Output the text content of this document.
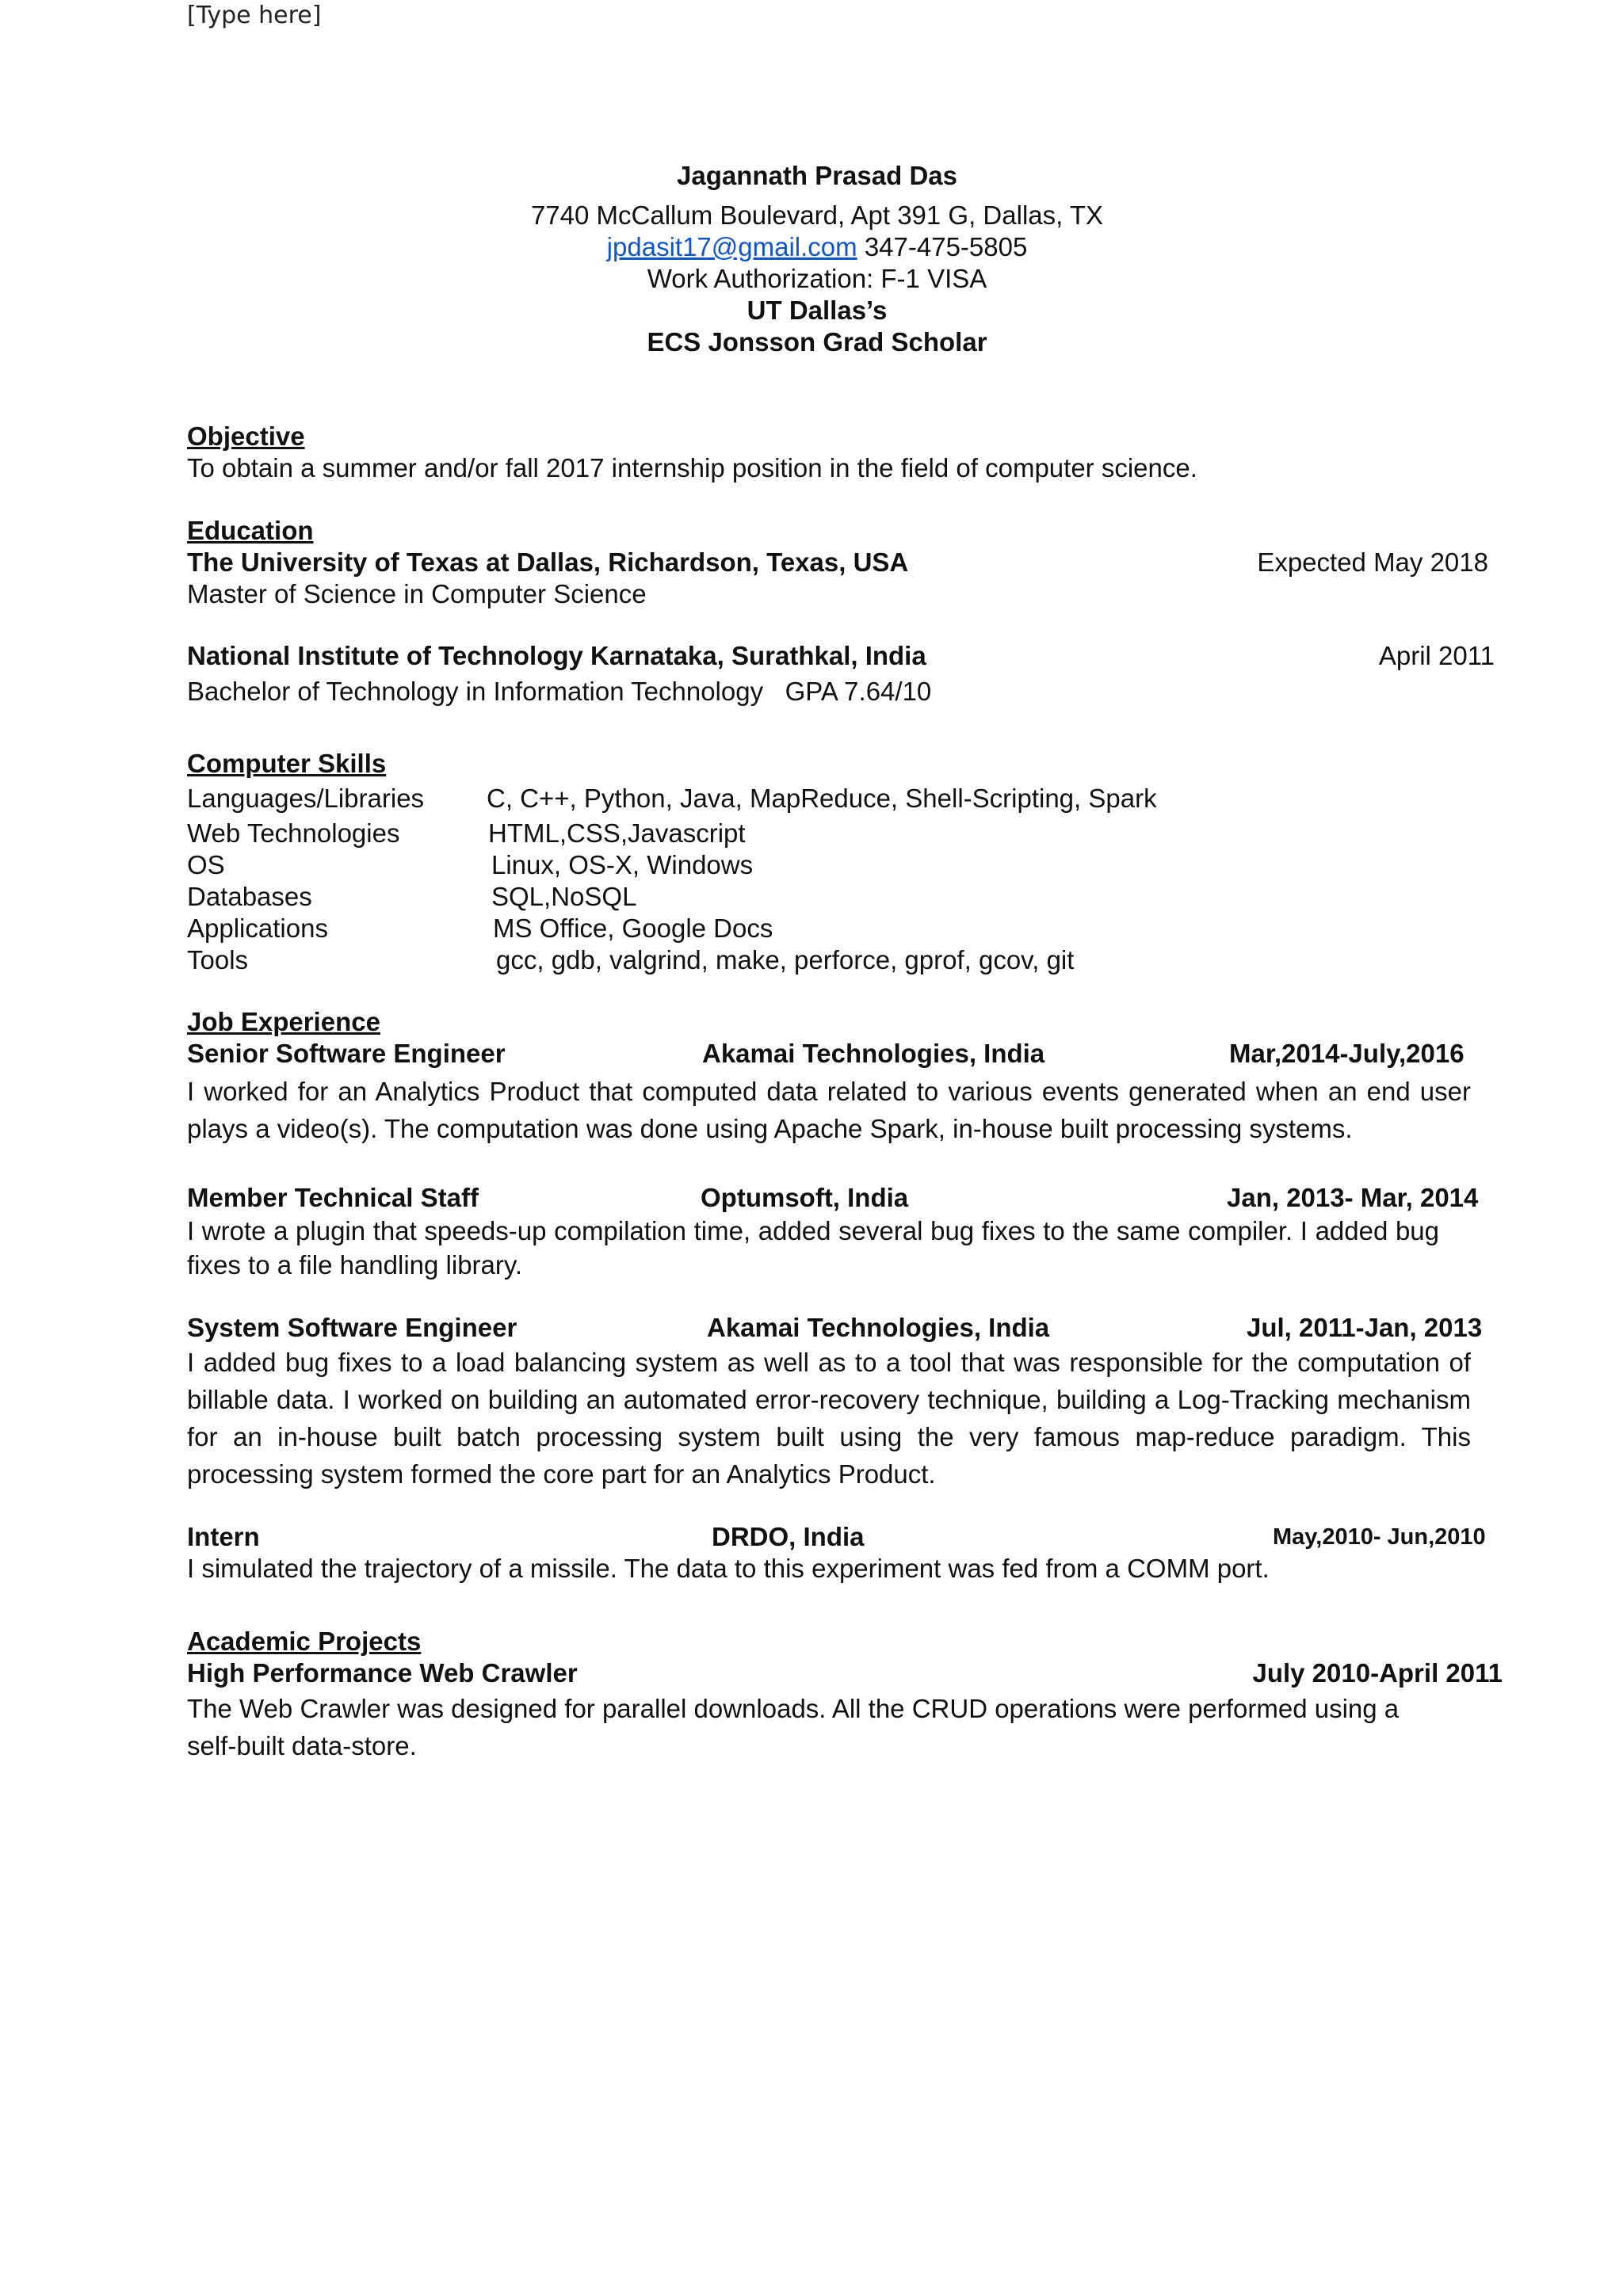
[Type here]
Jagannath Prasad Das
7740 McCallum Boulevard, Apt 391 G, Dallas, TX
jpdasit17@gmail.com 347-475-5805
Work Authorization: F-1 VISA
UT Dallas’s
ECS Jonsson Grad Scholar
Objective
To obtain a summer and/or fall 2017 internship position in the field of computer science.
Education
The University of Texas at Dallas, Richardson, Texas, USA	Expected May 2018
Master of Science in Computer Science
National Institute of Technology Karnataka, Surathkal, India	April 2011
Bachelor of Technology in Information Technology   GPA 7.64/10
Computer Skills
Languages/Libraries C, C++, Python, Java, MapReduce, Shell-Scripting, Spark
Web Technologies	HTML,CSS,Javascript
OS	Linux, OS-X, Windows
Databases	SQL,NoSQL
Applications	MS Office, Google Docs
Tools	gcc, gdb, valgrind, make, perforce, gprof, gcov, git
Job Experience
Senior Software Engineer	Akamai Technologies, India	Mar,2014-July,2016
I worked for an Analytics Product that computed data related to various events generated when an end user plays a video(s). The computation was done using Apache Spark, in-house built processing systems.
Member Technical Staff	Optumsoft, India	Jan, 2013- Mar, 2014
I wrote a plugin that speeds-up compilation time, added several bug fixes to the same compiler. I added bug fixes to a file handling library.
System Software Engineer	Akamai Technologies, India	Jul, 2011-Jan, 2013
I added bug fixes to a load balancing system as well as to a tool that was responsible for the computation of billable data. I worked on building an automated error-recovery technique, building a Log-Tracking mechanism for an in-house built batch processing system built using the very famous map-reduce paradigm. This processing system formed the core part for an Analytics Product.
Intern	DRDO, India	May,2010- Jun,2010
I simulated the trajectory of a missile. The data to this experiment was fed from a COMM port.
Academic Projects
High Performance Web Crawler	July 2010-April 2011
The Web Crawler was designed for parallel downloads. All the CRUD operations were performed using a self-built data-store.
